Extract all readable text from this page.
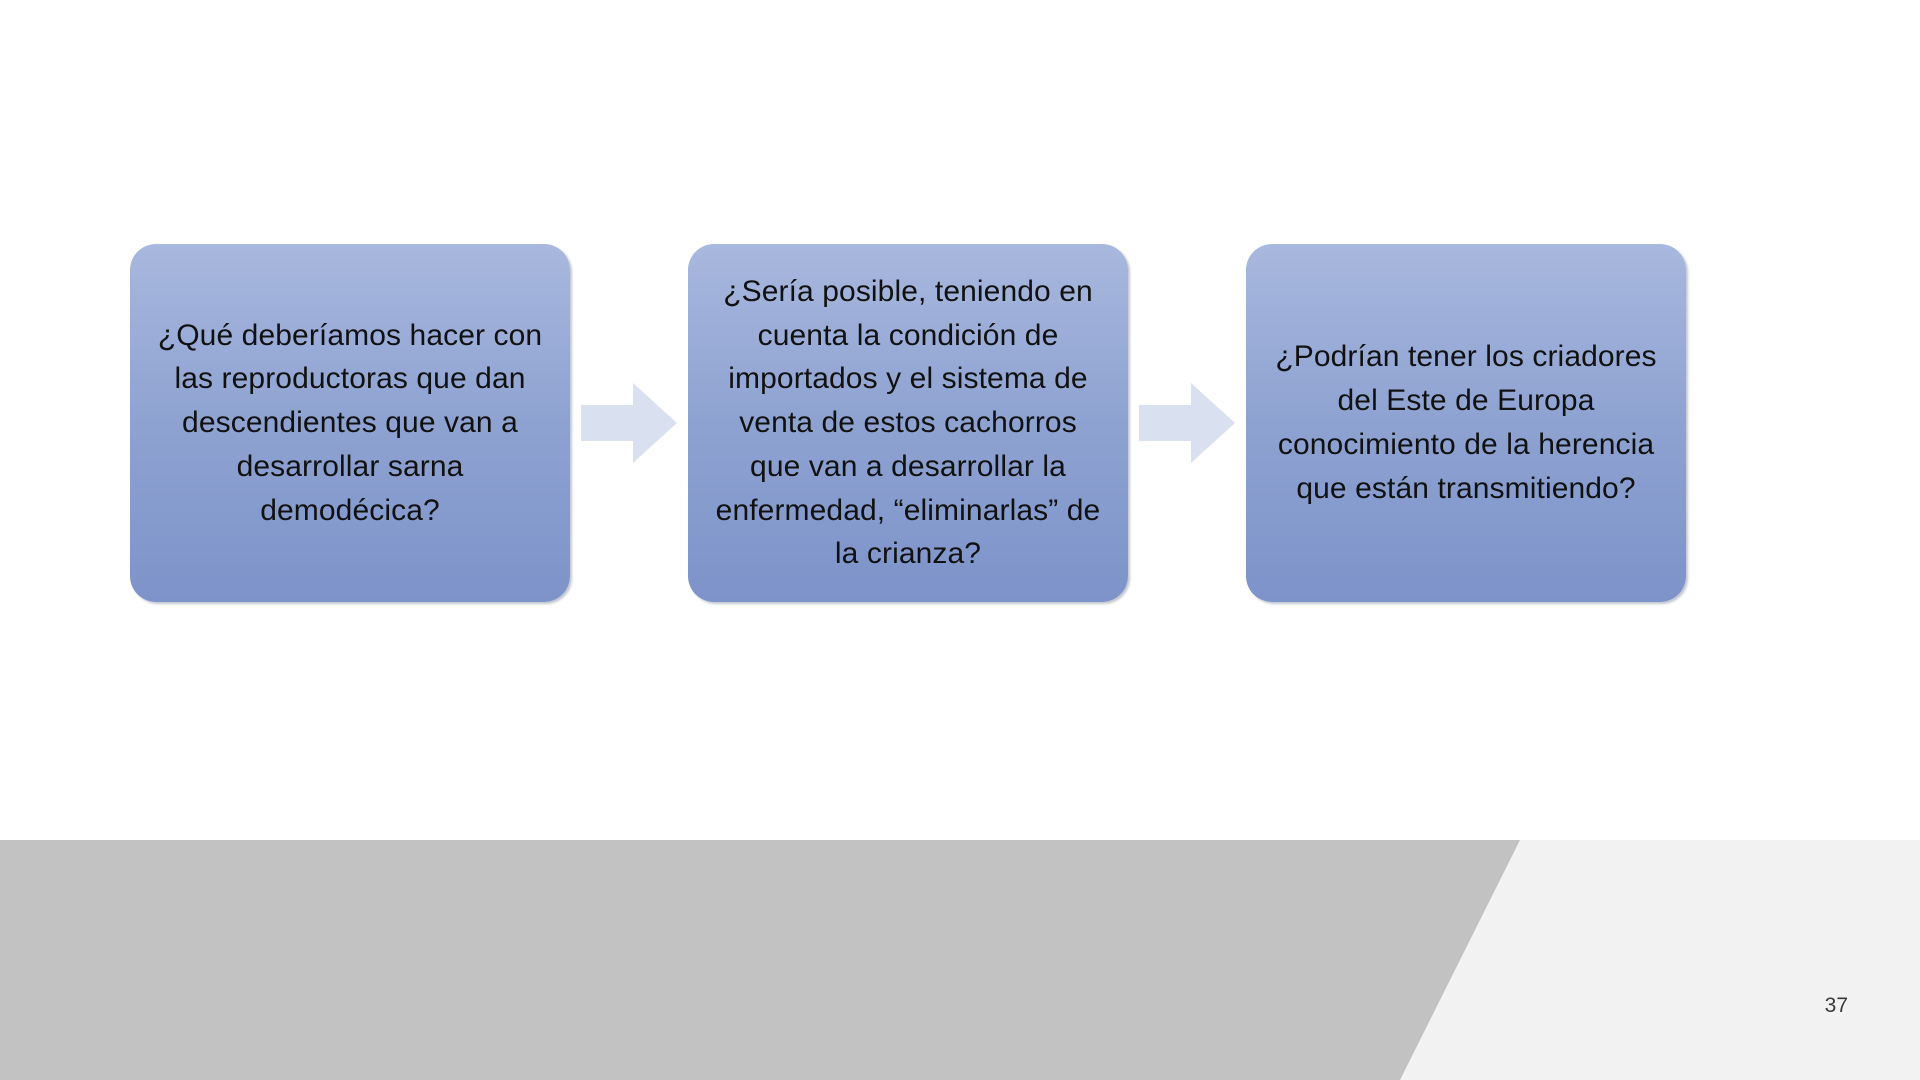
¿Qué deberíamos hacer con las reproductoras que dan descendientes que van a desarrollar sarna demodécica?
¿Sería posible, teniendo en cuenta la condición de importados y el sistema de venta de estos cachorros que van a desarrollar la enfermedad, “eliminarlas” de la crianza?
¿Podrían tener los criadores del Este de Europa conocimiento de la herencia que están transmitiendo?
37
